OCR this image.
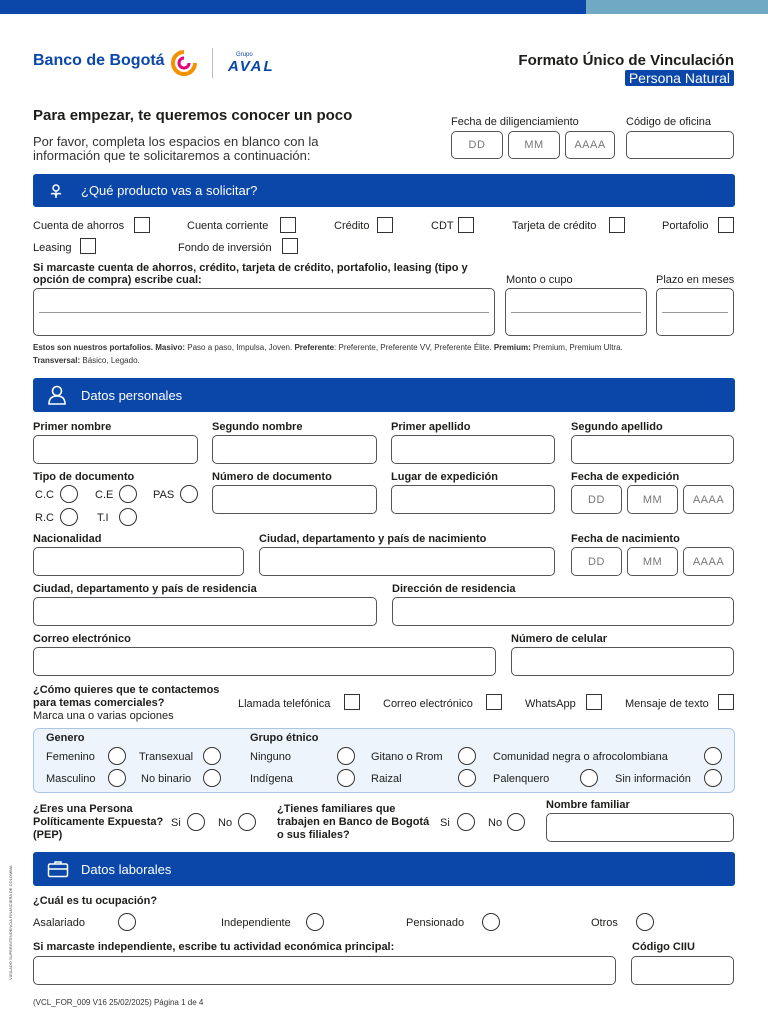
Banco de Bogotá	Grupo
AVAL	Formato Único de Vinculación
Persona Natural
Para empezar, te queremos conocer un poco
Por favor, completa los espacios en blanco con la
información que te solicitaremos a continuación:
Fecha de diligenciamiento
DD	MM	AAAA
Código de oficina
¿Qué producto vas a solicitar?
Cuenta de ahorros	Cuenta corriente	Crédito	CDT	Tarjeta de crédito	Portafolio
Leasing	Fondo de inversión
Si marcaste cuenta de ahorros, crédito, tarjeta de crédito, portafolio, leasing (tipo y
opción de compra) escribe cual:	Monto o cupo	Plazo en meses
Estos son nuestros portafolios. Masivo: Paso a paso, Impulsa, Joven. Preferente: Preferente, Preferente VV, Preferente Élite. Premium: Premium, Premium Ultra.
Transversal: Básico, Legado.
Datos personales
Primer nombre	Segundo nombre	Primer apellido	Segundo apellido
Tipo de documento
C.C	C.E	PAS
R.C	T.I
Número de documento	Lugar de expedición	Fecha de expedición
DD	MM	AAAA
Nacionalidad	Ciudad, departamento y país de nacimiento	Fecha de nacimiento
DD	MM	AAAA
Ciudad, departamento y país de residencia	Dirección de residencia
Correo electrónico	Número de celular
¿Cómo quieres que te contactemos
para temas comerciales?
Marca una o varias opciones
Llamada telefónica	Correo electrónico	WhatsApp	Mensaje de texto
Genero
Femenino	Transexual
Masculino	No binario
Grupo étnico
Ninguno	Gitano o Rrom	Comunidad negra o afrocolombiana
Indígena	Raizal	Palenquero	Sin información
¿Eres una Persona
Políticamente Expuesta?
(PEP)
Si	No
¿Tienes familiares que
trabajen en Banco de Bogotá
o sus filiales?
Si	No
Nombre familiar
Datos laborales
¿Cuál es tu ocupación?
Asalariado	Independiente	Pensionado	Otros
Si marcaste independiente, escribe tu actividad económica principal:	Código CIIU
(VCL_FOR_009 V16 25/02/2025) Página 1 de 4
VIGILADO SUPERINTENDENCIA FINANCIERA DE COLOMBIA
